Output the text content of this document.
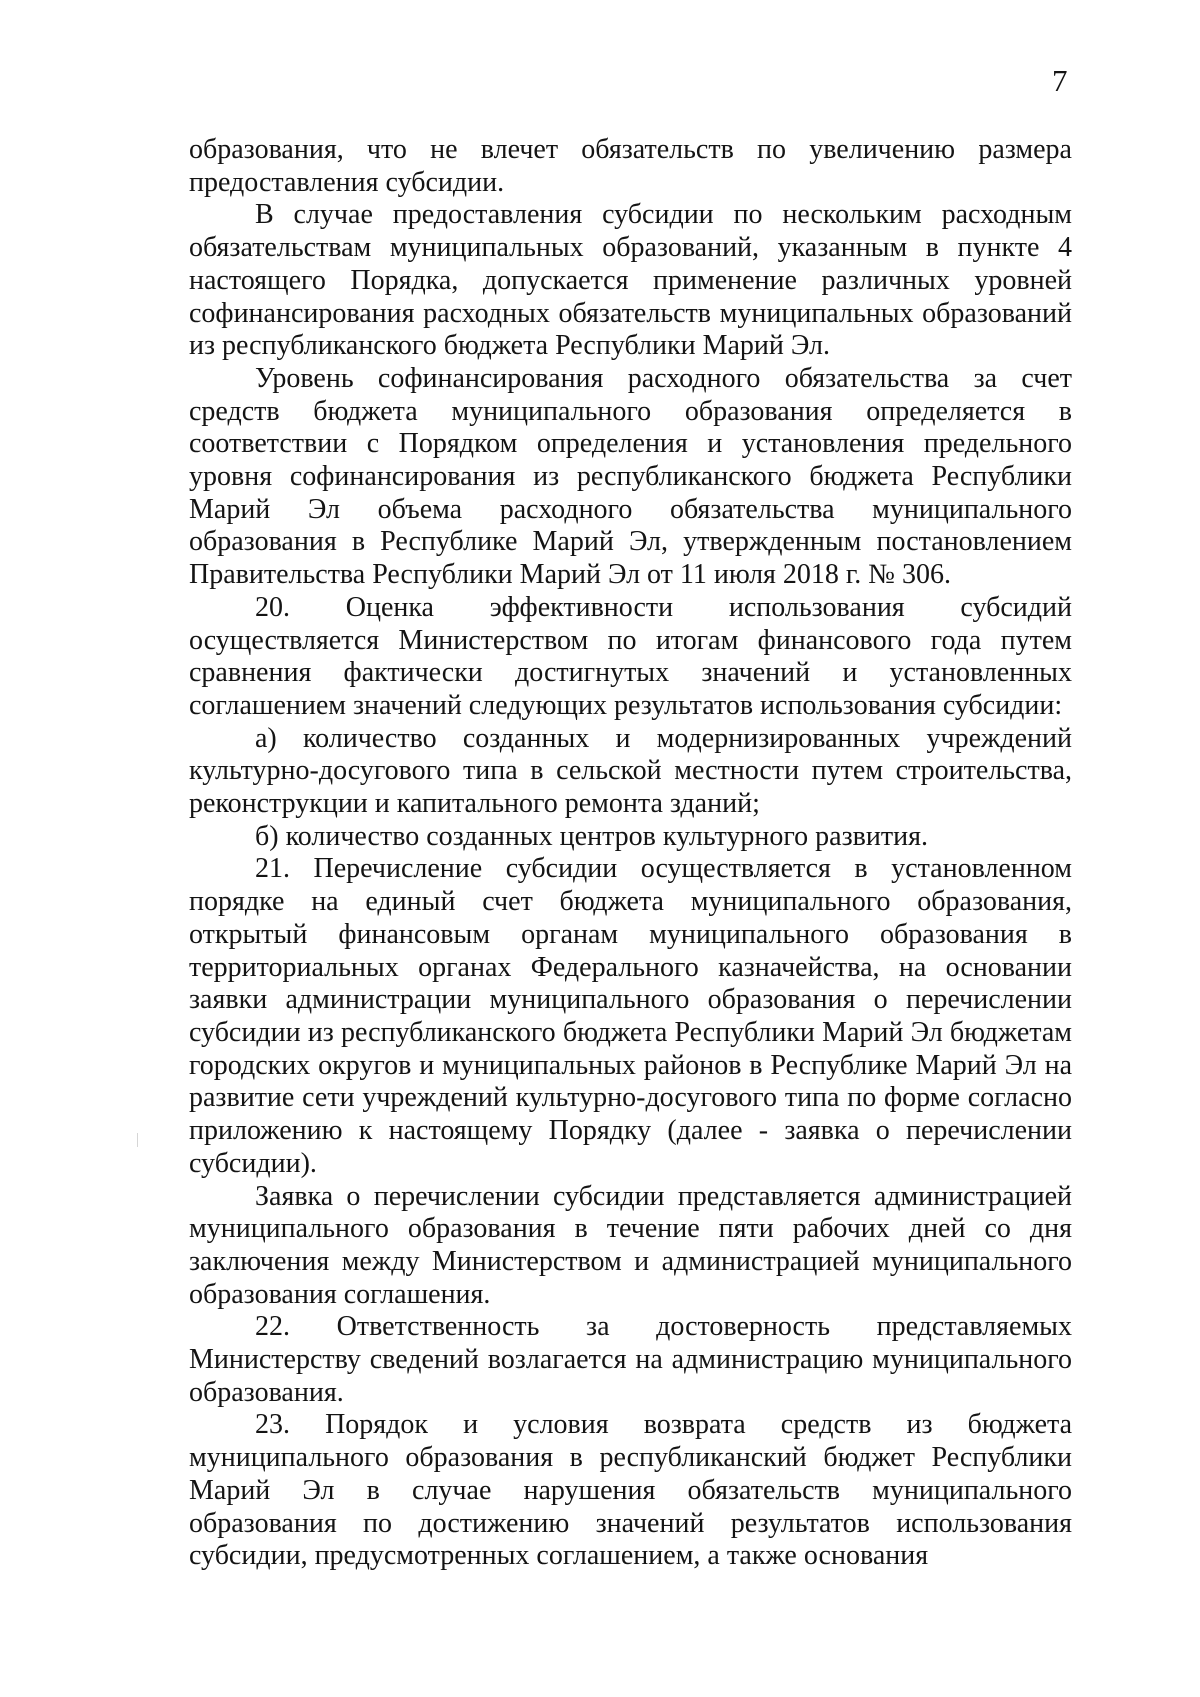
7

образования, что не влечет обязательств по увеличению размера предоставления субсидии.

В случае предоставления субсидии по нескольким расходным обязательствам муниципальных образований, указанным в пункте 4 настоящего Порядка, допускается применение различных уровней софинансирования расходных обязательств муниципальных образований из республиканского бюджета Республики Марий Эл.

Уровень софинансирования расходного обязательства за счет средств бюджета муниципального образования определяется в соответствии с Порядком определения и установления предельного уровня софинансирования из республиканского бюджета Республики Марий Эл объема расходного обязательства муниципального образования в Республике Марий Эл, утвержденным постановлением Правительства Республики Марий Эл от 11 июля 2018 г. № 306.

20. Оценка эффективности использования субсидий осуществляется Министерством по итогам финансового года путем сравнения фактически достигнутых значений и установленных соглашением значений следующих результатов использования субсидии:

а) количество созданных и модернизированных учреждений культурно-досугового типа в сельской местности путем строительства, реконструкции и капитального ремонта зданий;

б) количество созданных центров культурного развития.

21. Перечисление субсидии осуществляется в установленном порядке на единый счет бюджета муниципального образования, открытый финансовым органам муниципального образования в территориальных органах Федерального казначейства, на основании заявки администрации муниципального образования о перечислении субсидии из республиканского бюджета Республики Марий Эл бюджетам городских округов и муниципальных районов в Республике Марий Эл на развитие сети учреждений культурно-досугового типа по форме согласно приложению к настоящему Порядку (далее - заявка о перечислении субсидии).

Заявка о перечислении субсидии представляется администрацией муниципального образования в течение пяти рабочих дней со дня заключения между Министерством и администрацией муниципального образования соглашения.

22. Ответственность за достоверность представляемых Министерству сведений возлагается на администрацию муниципального образования.

23. Порядок и условия возврата средств из бюджета муниципального образования в республиканский бюджет Республики Марий Эл в случае нарушения обязательств муниципального образования по достижению значений результатов использования субсидии, предусмотренных соглашением, а также основания
